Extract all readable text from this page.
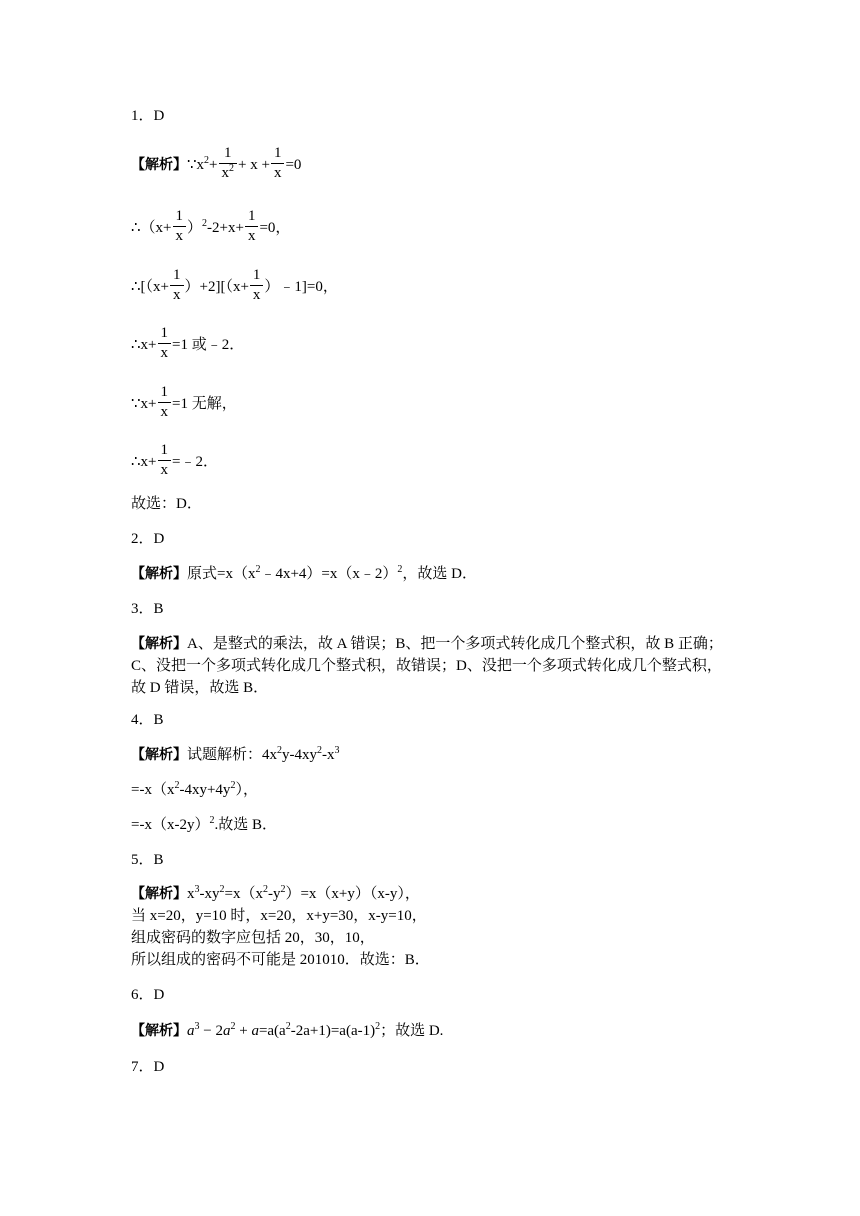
1．D
【解析】$\because x^2+ \frac{1}{x^2} + x + \frac{1}{x} =0$
∴（x+ $\frac{1}{x} )^2-2+x+ \frac{1}{x} =0$，
∴[（x+ $\frac{1}{x} )+2][(x+ \frac{1}{x}$ ）﹣1]=0，
∴x+ $\frac{1}{x} =1$ 或﹣2．
∵x+ $\frac{1}{x} =1$ 无解，
∴x+ $\frac{1}{x}$ =﹣2．
故选：D．
2．D
【解析】原式$=x(x^2﹣4x+4)=x(x﹣2)^2$，故选 D．
3．B
【解析】A、是整式的乘法，故 A 错误；B、把一个多项式转化成几个整式积，故 B 正确；C、没把一个多项式转化成几个整式积，故错误；D、没把一个多项式转化成几个整式积，故 D 错误，故选 B．
4．B
【解析】试题解析：$4x^2y-4xy^2-x^3$
$=-x(x^2-4xy+4y^2)$，
$=-x(x-2y)^2$.故选 B．
5．B
【解析】$x^3-xy^2=x(x^2-y^2)=x(x+y)(x-y)$，
当 x=20，y=10 时，x=20，x+y=30，x-y=10，
组成密码的数字应包括 20，30，10，
所以组成的密码不可能是 201010．故选：B．
6．D
【解析】$a^3 - 2a^2 + a=a(a^2-2a+1)=a(a-1)^2$；故选 D.
7．D
